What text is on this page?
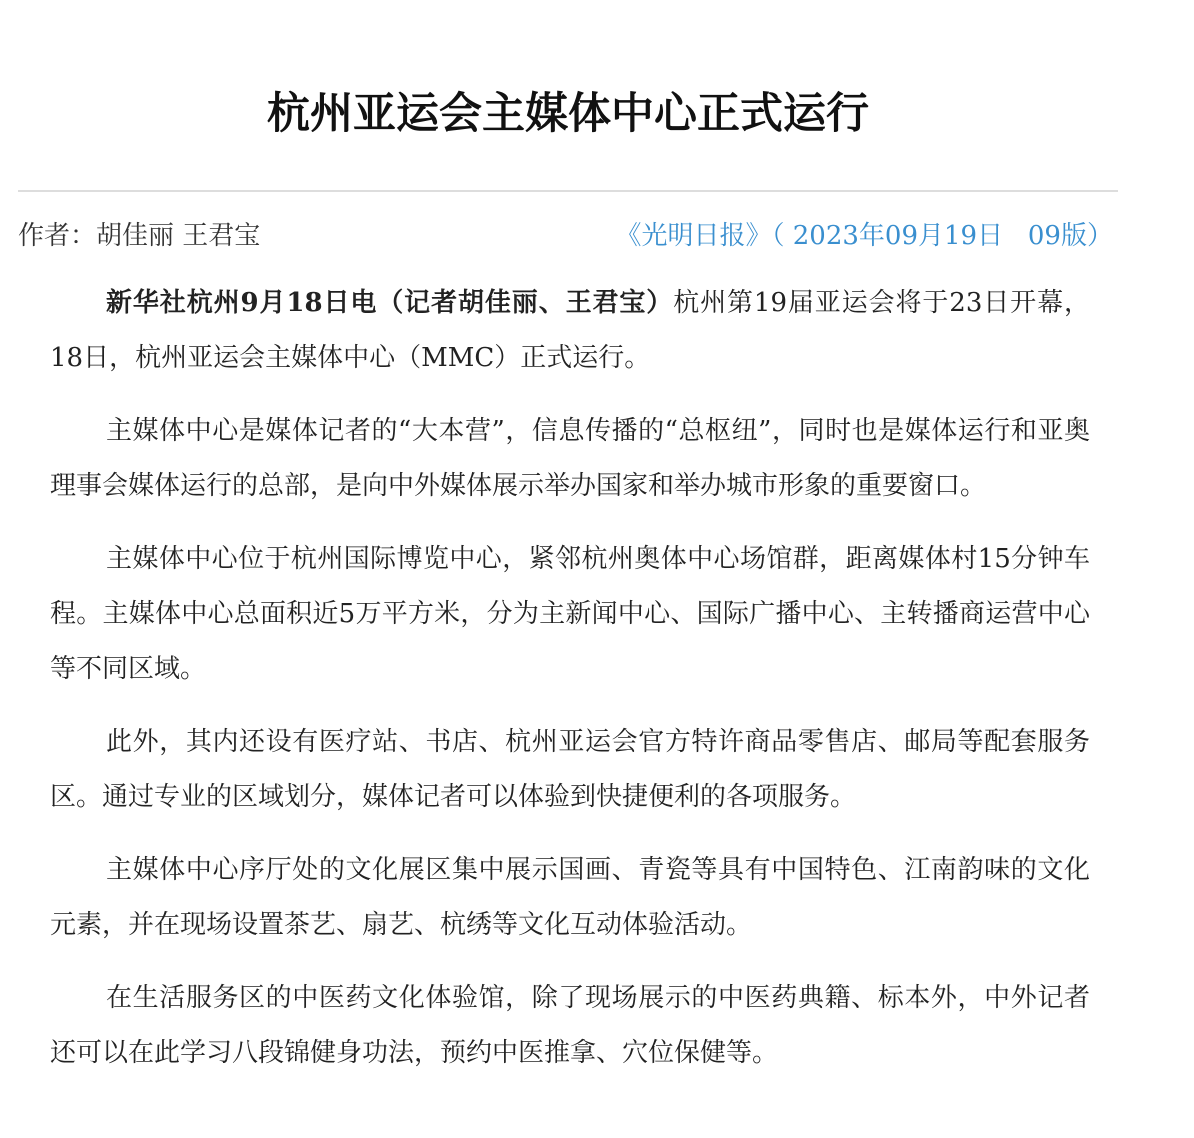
杭州亚运会主媒体中心正式运行
作者：胡佳丽 王君宝	《光明日报》（ 2023年09月19日 09版）

新华社杭州9月18日电（记者胡佳丽、王君宝）杭州第19届亚运会将于23日开幕，18日，杭州亚运会主媒体中心（MMC）正式运行。

主媒体中心是媒体记者的“大本营”，信息传播的“总枢纽”，同时也是媒体运行和亚奥理事会媒体运行的总部，是向中外媒体展示举办国家和举办城市形象的重要窗口。

主媒体中心位于杭州国际博览中心，紧邻杭州奥体中心场馆群，距离媒体村15分钟车程。主媒体中心总面积近5万平方米，分为主新闻中心、国际广播中心、主转播商运营中心等不同区域。

此外，其内还设有医疗站、书店、杭州亚运会官方特许商品零售店、邮局等配套服务区。通过专业的区域划分，媒体记者可以体验到快捷便利的各项服务。

主媒体中心序厅处的文化展区集中展示国画、青瓷等具有中国特色、江南韵味的文化元素，并在现场设置茶艺、扇艺、杭绣等文化互动体验活动。

在生活服务区的中医药文化体验馆，除了现场展示的中医药典籍、标本外，中外记者还可以在此学习八段锦健身功法，预约中医推拿、穴位保健等。
